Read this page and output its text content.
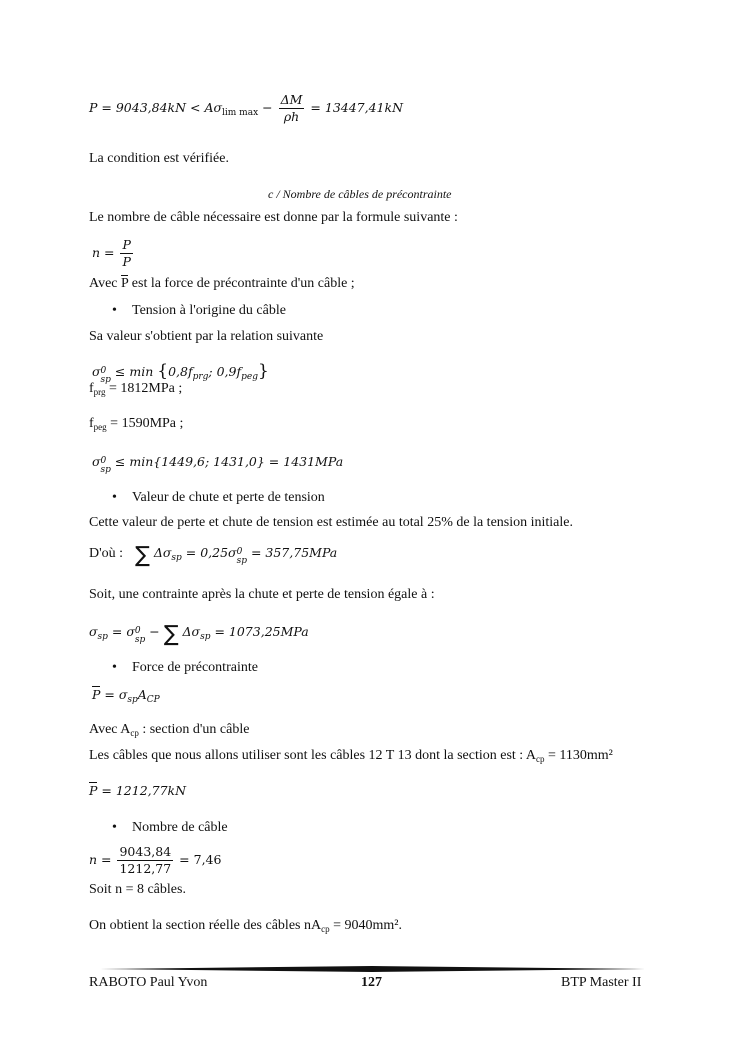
$P = 9043,84kN < A\sigma_{lim max} - \frac{\Delta M}{\rho h} = 13447,41kN$
La condition est vérifiée.
c / Nombre de câbles de précontrainte
Le nombre de câble nécessaire est donne par la formule suivante :
$n = \frac{P}{P}$
Avec P est la force de précontrainte d'un câble ;
• Tension à l'origine du câble
Sa valeur s'obtient par la relation suivante
σ 0
sp
≤ $\min \{0,8f_{prg}$; $0,9f_{peg}$}
$f_{prg} = 1812MPa$ ;
$f_{peg} = 1590MPa$ ;
σ 0
sp
≤ min{1449,6; 1431,0} = 1431MPa
• Valeur de chute et perte de tension
Cette valeur de perte et chute de tension est estimée au total 25% de la tension initiale.
D'où : ∑ $\Delta\sigma_{sp} = 0,25\sigma$ 0
sp
= 357,75MPa
Soit, une contrainte après la chute et perte de tension égale à :
$\sigma_{sp} = \sigma$ 0
sp
− ∑ $\Delta\sigma_{sp} = 1073,25MPa$
• Force de précontrainte
$P = \sigma_{sp}A_{CP}$
Avec $A_{cp}$ : section d'un câble
Les câbles que nous allons utiliser sont les câbles 12 T 13 dont la section est : $A_{cp} = 1130mm^2$
P = 1212,77kN
• Nombre de câble
$n = \frac{9043,84}{1212,77} = 7,46$
Soit n = 8 câbles.
On obtient la section réelle des câbles $nA_{cp} = 9040mm^2$.
RABOTO Paul Yvon	127	BTP Master II
